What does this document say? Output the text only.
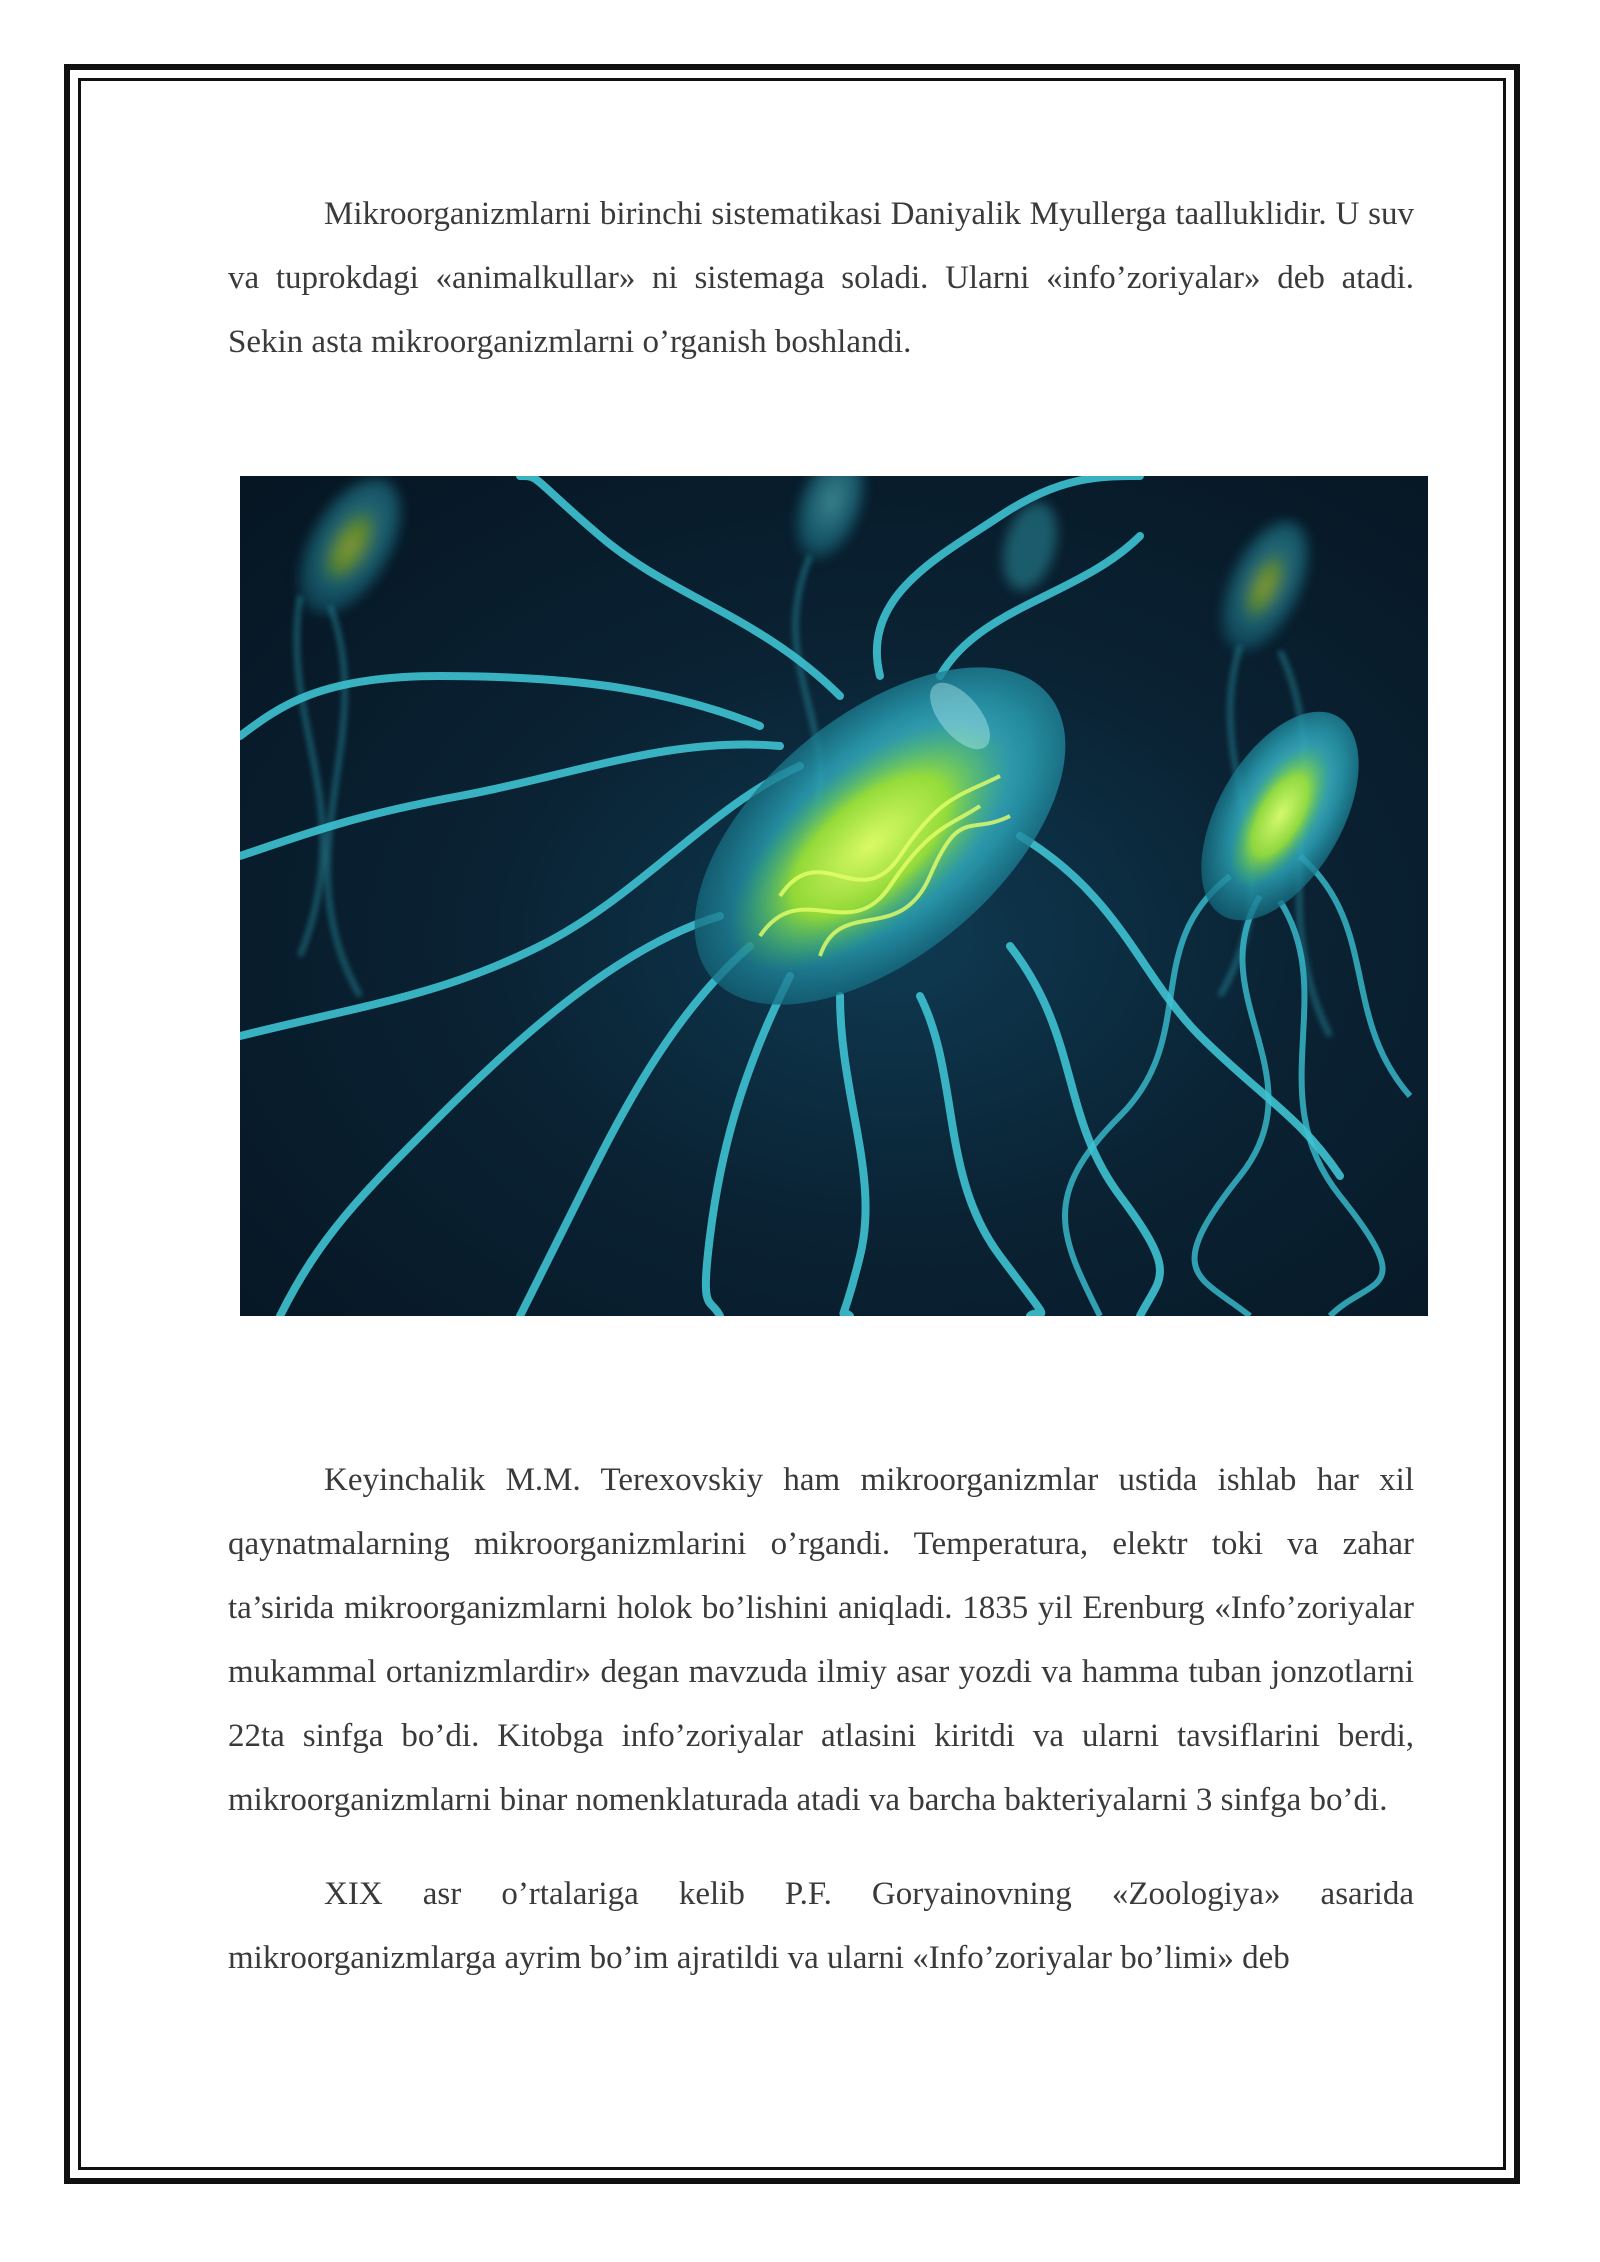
Mikroorganizmlarni birinchi sistematikasi Daniyalik Myullerga taalluklidir. U suv va tuprokdagi «animalkullar» ni sistemaga soladi. Ularni «info’zoriyalar» deb atadi. Sekin asta mikroorganizmlarni o’rganish boshlandi.

Keyinchalik M.M. Terexovskiy ham mikroorganizmlar ustida ishlab har xil qaynatmalarning mikroorganizmlarini o’rgandi. Temperatura, elektr toki va zahar ta’sirida mikroorganizmlarni holok bo’lishini aniqladi. 1835 yil Erenburg «Info’zoriyalar mukammal ortanizmlardir» degan mavzuda ilmiy asar yozdi va hamma tuban jonzotlarni 22ta sinfga bo’di. Kitobga info’zoriyalar atlasini kiritdi va ularni tavsiflarini berdi, mikroorganizmlarni binar nomenklaturada atadi va barcha bakteriyalarni 3 sinfga bo’di.

XIX asr o’rtalariga kelib P.F. Goryainovning «Zoologiya» asarida mikroorganizmlarga ayrim bo’im ajratildi va ularni «Info’zoriyalar bo’limi» deb
